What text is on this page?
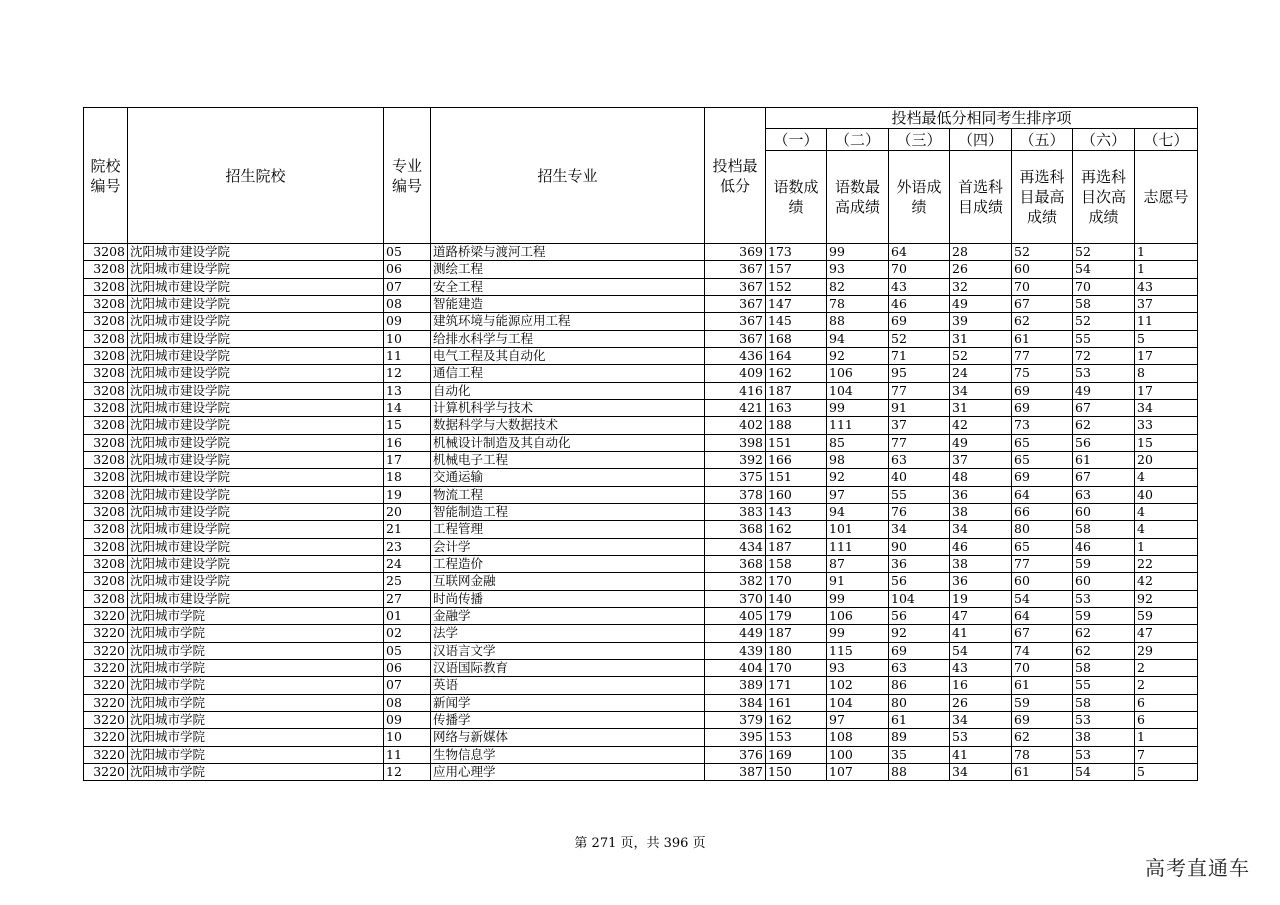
院校编号	招生院校	专业编号	招生专业	投档最低分	投档最低分相同考生排序项						
					（一）	（二）	（三）	（四）	（五）	（六）	（七）
					语数成绩	语数最高成绩	外语成绩	首选科目成绩	再选科目最高成绩	再选科目次高成绩	志愿号
3208	沈阳城市建设学院	05	道路桥梁与渡河工程	369	173	99	64	28	52	52	1
3208	沈阳城市建设学院	06	测绘工程	367	157	93	70	26	60	54	1
3208	沈阳城市建设学院	07	安全工程	367	152	82	43	32	70	70	43
3208	沈阳城市建设学院	08	智能建造	367	147	78	46	49	67	58	37
3208	沈阳城市建设学院	09	建筑环境与能源应用工程	367	145	88	69	39	62	52	11
3208	沈阳城市建设学院	10	给排水科学与工程	367	168	94	52	31	61	55	5
3208	沈阳城市建设学院	11	电气工程及其自动化	436	164	92	71	52	77	72	17
3208	沈阳城市建设学院	12	通信工程	409	162	106	95	24	75	53	8
3208	沈阳城市建设学院	13	自动化	416	187	104	77	34	69	49	17
3208	沈阳城市建设学院	14	计算机科学与技术	421	163	99	91	31	69	67	34
3208	沈阳城市建设学院	15	数据科学与大数据技术	402	188	111	37	42	73	62	33
3208	沈阳城市建设学院	16	机械设计制造及其自动化	398	151	85	77	49	65	56	15
3208	沈阳城市建设学院	17	机械电子工程	392	166	98	63	37	65	61	20
3208	沈阳城市建设学院	18	交通运输	375	151	92	40	48	69	67	4
3208	沈阳城市建设学院	19	物流工程	378	160	97	55	36	64	63	40
3208	沈阳城市建设学院	20	智能制造工程	383	143	94	76	38	66	60	4
3208	沈阳城市建设学院	21	工程管理	368	162	101	34	34	80	58	4
3208	沈阳城市建设学院	23	会计学	434	187	111	90	46	65	46	1
3208	沈阳城市建设学院	24	工程造价	368	158	87	36	38	77	59	22
3208	沈阳城市建设学院	25	互联网金融	382	170	91	56	36	60	60	42
3208	沈阳城市建设学院	27	时尚传播	370	140	99	104	19	54	53	92
3220	沈阳城市学院	01	金融学	405	179	106	56	47	64	59	59
3220	沈阳城市学院	02	法学	449	187	99	92	41	67	62	47
3220	沈阳城市学院	05	汉语言文学	439	180	115	69	54	74	62	29
3220	沈阳城市学院	06	汉语国际教育	404	170	93	63	43	70	58	2
3220	沈阳城市学院	07	英语	389	171	102	86	16	61	55	2
3220	沈阳城市学院	08	新闻学	384	161	104	80	26	59	58	6
3220	沈阳城市学院	09	传播学	379	162	97	61	34	69	53	6
3220	沈阳城市学院	10	网络与新媒体	395	153	108	89	53	62	38	1
3220	沈阳城市学院	11	生物信息学	376	169	100	35	41	78	53	7
3220	沈阳城市学院	12	应用心理学	387	150	107	88	34	61	54	5
第 271 页，共 396 页
高考直通车
